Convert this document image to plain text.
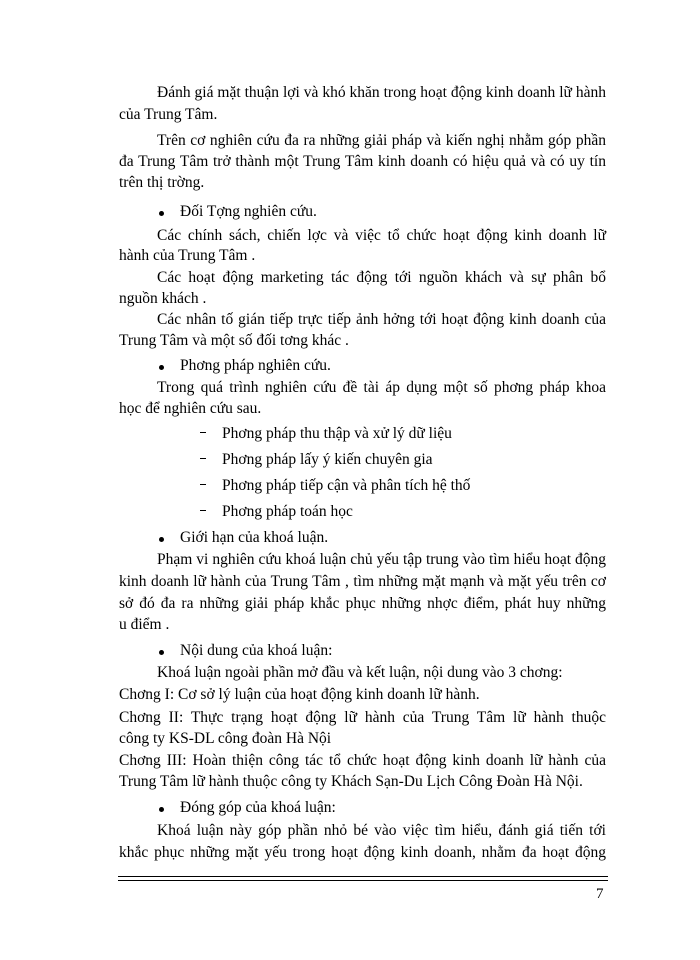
Đánh giá mặt thuận lợi và khó khăn trong hoạt động kinh doanh lữ hành
của Trung Tâm.
Trên cơ nghiên cứu đa ra những giải pháp và kiến nghị nhằm góp phần
đa Trung Tâm trở thành một Trung Tâm kinh doanh có hiệu quả và có uy tín
trên thị trờng.
Đối Tợng nghiên cứu.
Các chính sách, chiến lợc và việc tổ chức hoạt động kinh doanh lữ
hành của Trung Tâm .
Các hoạt động marketing tác động tới nguồn khách và sự phân bổ
nguồn khách .
Các nhân tố gián tiếp trực tiếp ảnh hởng tới hoạt động kinh doanh của
Trung Tâm và một số đối tơng khác .
Phơng pháp nghiên cứu.
Trong quá trình nghiên cứu đề tài áp dụng một số phơng pháp khoa
học để nghiên cứu sau.
Phơng pháp thu thập và xử lý dữ liệu
Phơng pháp lấy ý kiến chuyên gia
Phơng pháp tiếp cận và phân tích hệ thố
Phơng pháp toán học
Giới hạn của khoá luận.
Phạm vi nghiên cứu khoá luận chủ yếu tập trung vào tìm hiểu hoạt động
kinh doanh lữ hành của Trung Tâm , tìm những mặt mạnh và mặt yếu trên cơ
sở đó đa ra những giải pháp khắc phục những nhợc điểm, phát huy những
u điểm .
Nội dung của khoá luận:
Khoá luận ngoài phần mở đầu và kết luận, nội dung vào 3 chơng:
Chơng I: Cơ sở lý luận của hoạt động kinh doanh lữ hành.
Chơng II: Thực trạng hoạt động lữ hành của Trung Tâm lữ hành thuộc
công ty KS-DL công đoàn Hà Nội
Chơng III: Hoàn thiện công tác tổ chức hoạt động kinh doanh lữ hành của
Trung Tâm lữ hành thuộc công ty Khách Sạn-Du Lịch Công Đoàn Hà Nội.
Đóng góp của khoá luận:
Khoá luận này góp phần nhỏ bé vào việc tìm hiểu, đánh giá tiến tới
khắc phục những mặt yếu trong hoạt động kinh doanh, nhằm đa hoạt động
7
